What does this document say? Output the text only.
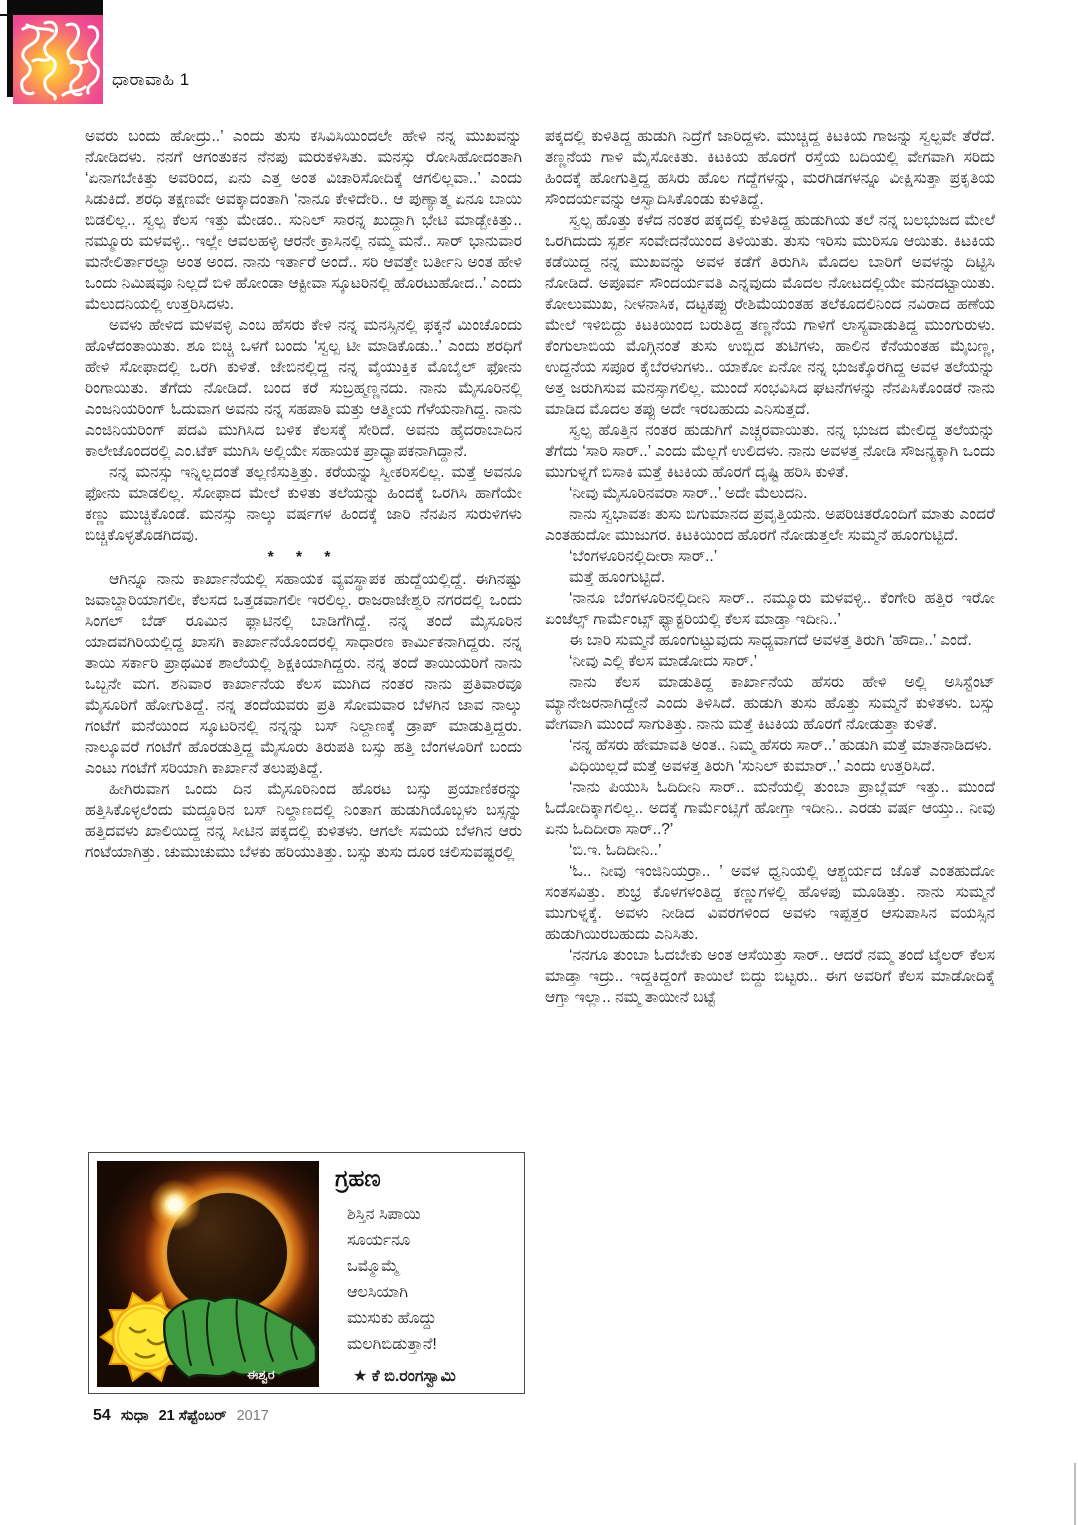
ಧಾರಾವಾಹಿ 1

ಅವರು ಬಂದು ಹೋದ್ರು..’ ಎಂದು ತುಸು ಕಸಿವಿಸಿಯಿಂದಲೇ ಹೇಳಿ ನನ್ನ ಮುಖವನ್ನು ನೋಡಿದಳು. ನನಗೆ ಆಗಂತುಕನ ನೆನಪು ಮರುಕಳಿಸಿತು. ಮನಸ್ಸು ರೋಸಿಹೋದಂತಾಗಿ ‘ಏನಾಗಬೇಕಿತ್ತು ಅವರಿಂದ, ಏನು ಎತ್ತ ಅಂತ ವಿಚಾರಿಸೋದಿಕ್ಕೆ ಆಗಲಿಲ್ಲವಾ..’ ಎಂದು ಸಿಡುಕಿದೆ. ಶರಧಿ ತಕ್ಷಣವೇ ಅವಕ್ಕಾದಂತಾಗಿ ‘ನಾನೂ ಕೇಳಿದೇರಿ.. ಆ ಪುಣ್ಯಾತ್ಮ ಏನೂ ಬಾಯಿ ಬಿಡಲಿಲ್ಲ.. ಸ್ವಲ್ಪ ಕೆಲಸ ಇತ್ತು ಮೇಡಂ.. ಸುನಿಲ್ ಸಾರನ್ನ ಖುದ್ದಾಗಿ ಭೇಟಿ ಮಾಡ್ಬೇಕಿತ್ತು.. ನಮ್ಮೂರು ಮಳವಳ್ಳಿ.. ಇಲ್ಲೇ ಆವಲಹಳ್ಳಿ ಆರನೇ ಕ್ರಾಸಿನಲ್ಲಿ ನಮ್ಮ ಮನೆ.. ಸಾರ್ ಭಾನುವಾರ ಮನೇಲಿರ್ತಾರಲ್ವಾ ಅಂತ ಅಂದ. ನಾನು ಇರ್ತಾರೆ ಅಂದೆ.. ಸರಿ ಆವತ್ತೇ ಬರ್ತೀನಿ ಅಂತ ಹೇಳಿ ಒಂದು ನಿಮಿಷವೂ ನಿಲ್ಲದೆ ಬಿಳಿ ಹೋಂಡಾ ಆಕ್ಟೀವಾ ಸ್ಕೂಟರಿನಲ್ಲಿ ಹೊರಟುಹೋದ..’ ಎಂದು ಮೆಲುದನಿಯಲ್ಲಿ ಉತ್ತರಿಸಿದಳು.

ಅವಳು ಹೇಳಿದ ಮಳವಳ್ಳಿ ಎಂಬ ಹೆಸರು ಕೇಳಿ ನನ್ನ ಮನಸ್ಸಿನಲ್ಲಿ ಫಕ್ಕನೆ ಮಿಂಚೊಂದು ಹೊಳೆದಂತಾಯಿತು. ಶೂ ಬಿಚ್ಚಿ ಒಳಗೆ ಬಂದು ‘ಸ್ವಲ್ಪ ಟೀ ಮಾಡಿಕೊಡು..’ ಎಂದು ಶರಧಿಗೆ ಹೇಳಿ ಸೋಫಾದಲ್ಲಿ ಒರಗಿ ಕುಳಿತೆ. ಜೇಬಿನಲ್ಲಿದ್ದ ನನ್ನ ವೈಯುಕ್ತಿಕ ಮೊಬೈಲ್ ಫೋನು ರಿಂಗಾಯಿತು. ತೆಗೆದು ನೋಡಿದೆ. ಬಂದ ಕರೆ ಸುಬ್ರಹ್ಮಣ್ಣನದು. ನಾನು ಮೈಸೂರಿನಲ್ಲಿ ಎಂಜನಿಯರಿಂಗ್ ಓದುವಾಗ ಅವನು ನನ್ನ ಸಹಪಾಠಿ ಮತ್ತು ಆತ್ಮೀಯ ಗೆಳೆಯನಾಗಿದ್ದ. ನಾನು ಎಂಜಿನಿಯರಿಂಗ್ ಪದವಿ ಮುಗಿಸಿದ ಬಳಿಕ ಕೆಲಸಕ್ಕೆ ಸೇರಿದೆ. ಅವನು ಹೈದರಾಬಾದಿನ ಕಾಲೇಜೊಂದರಲ್ಲಿ ಎಂ.ಟೆಕ್ ಮುಗಿಸಿ ಅಲ್ಲಿಯೇ ಸಹಾಯಕ ಪ್ರಾಧ್ಯಾಪಕನಾಗಿದ್ದಾನೆ.

ನನ್ನ ಮನಸ್ಸು ಇನ್ನಿಲ್ಲದಂತೆ ತಲ್ಲಣಿಸುತ್ತಿತ್ತು. ಕರೆಯನ್ನು ಸ್ವೀಕರಿಸಲಿಲ್ಲ. ಮತ್ತೆ ಅವನೂ ಫೋನು ಮಾಡಲಿಲ್ಲ. ಸೋಫಾದ ಮೇಲೆ ಕುಳಿತು ತಲೆಯನ್ನು ಹಿಂದಕ್ಕೆ ಒರಗಿಸಿ ಹಾಗೆಯೇ ಕಣ್ಣು ಮುಚ್ಚಿಕೊಂಡೆ. ಮನಸ್ಸು ನಾಲ್ಕು ವರ್ಷಗಳ ಹಿಂದಕ್ಕೆ ಜಾರಿ ನೆನಪಿನ ಸುರುಳಿಗಳು ಬಿಚ್ಚಿಕೊಳ್ಳತೊಡಗಿದವು.

* * *

ಆಗಿನ್ನೂ ನಾನು ಕಾರ್ಖಾನೆಯಲ್ಲಿ ಸಹಾಯಕ ವ್ಯವಸ್ಥಾಪಕ ಹುದ್ದೆಯಲ್ಲಿದ್ದೆ. ಈಗಿನಷ್ಟು ಜವಾಬ್ದಾರಿಯಾಗಲೀ, ಕೆಲಸದ ಒತ್ತಡವಾಗಲೀ ಇರಲಿಲ್ಲ. ರಾಜರಾಜೇಶ್ವರಿ ನಗರದಲ್ಲಿ ಒಂದು ಸಿಂಗಲ್ ಬೆಡ್ ರೂಮಿನ ಫ್ಲಾಟಿನಲ್ಲಿ ಬಾಡಿಗೆಗಿದ್ದೆ. ನನ್ನ ತಂದೆ ಮೈಸೂರಿನ ಯಾದವಗಿರಿಯಲ್ಲಿದ್ದ ಖಾಸಗಿ ಕಾರ್ಖಾನೆಯೊಂದರಲ್ಲಿ ಸಾಧಾರಣ ಕಾರ್ಮಿಕನಾಗಿದ್ದರು. ನನ್ನ ತಾಯಿ ಸರ್ಕಾರಿ ಪ್ರಾಥಮಿಕ ಶಾಲೆಯಲ್ಲಿ ಶಿಕ್ಷಕಿಯಾಗಿದ್ದರು. ನನ್ನ ತಂದೆ ತಾಯಿಯರಿಗೆ ನಾನು ಒಬ್ಬನೇ ಮಗ. ಶನಿವಾರ ಕಾರ್ಖಾನೆಯ ಕೆಲಸ ಮುಗಿದ ನಂತರ ನಾನು ಪ್ರತಿವಾರವೂ ಮೈಸೂರಿಗೆ ಹೋಗುತಿದ್ದೆ. ನನ್ನ ತಂದೆಯವರು ಪ್ರತಿ ಸೋಮವಾರ ಬೆಳಗಿನ ಜಾವ ನಾಲ್ಕು ಗಂಟೆಗೆ ಮನೆಯಿಂದ ಸ್ಕೂಟರಿನಲ್ಲಿ ನನ್ನನ್ನು ಬಸ್ ನಿಲ್ದಾಣಕ್ಕೆ ಡ್ರಾಪ್ ಮಾಡುತ್ತಿದ್ದರು. ನಾಲ್ಕೂವರೆ ಗಂಟೆಗೆ ಹೊರಡುತ್ತಿದ್ದ ಮೈಸೂರು ತಿರುಪತಿ ಬಸ್ಸು ಹತ್ತಿ ಬೆಂಗಳೂರಿಗೆ ಬಂದು ಎಂಟು ಗಂಟೆಗೆ ಸರಿಯಾಗಿ ಕಾರ್ಖಾನೆ ತಲುಪುತಿದ್ದೆ.

ಹೀಗಿರುವಾಗ ಒಂದು ದಿನ ಮೈಸೂರಿನಿಂದ ಹೊರಟ ಬಸ್ಸು ಪ್ರಯಾಣಿಕರನ್ನು ಹತ್ತಿಸಿಕೊಳ್ಳಲೆಂದು ಮದ್ದೂರಿನ ಬಸ್ ನಿಲ್ದಾಣದಲ್ಲಿ ನಿಂತಾಗ ಹುಡುಗಿಯೊಬ್ಬಳು ಬಸ್ಸನ್ನು ಹತ್ತಿದವಳು ಖಾಲಿಯಿದ್ದ ನನ್ನ ಸೀಟಿನ ಪಕ್ಕದಲ್ಲಿ ಕುಳಿತಳು. ಆಗಲೇ ಸಮಯ ಬೆಳಗಿನ ಆರು ಗಂಟೆಯಾಗಿತ್ತು. ಚುಮುಚುಮು ಬೆಳಕು ಹರಿಯುತಿತ್ತು. ಬಸ್ಸು ತುಸು ದೂರ ಚಲಿಸುವಷ್ಟರಲ್ಲಿ

ಪಕ್ಕದಲ್ಲಿ ಕುಳಿತಿದ್ದ ಹುಡುಗಿ ನಿದ್ರೆಗೆ ಜಾರಿದ್ದಳು. ಮುಚ್ಚಿದ್ದ ಕಿಟಕಿಯ ಗಾಜನ್ನು ಸ್ವಲ್ಪವೇ ತೆರೆದೆ. ತಣ್ಣನೆಯ ಗಾಳಿ ಮೈಸೋಕಿತು. ಕಿಟಕಿಯ ಹೊರಗೆ ರಸ್ತೆಯ ಬದಿಯಲ್ಲಿ ವೇಗವಾಗಿ ಸರಿದು ಹಿಂದಕ್ಕೆ ಹೋಗುತ್ತಿದ್ದ ಹಸಿರು ಹೊಲ ಗದ್ದೆಗಳನ್ನು, ಮರಗಿಡಗಳನ್ನೂ ವೀಕ್ಷಿಸುತ್ತಾ ಪ್ರಕೃತಿಯ ಸೌಂದರ್ಯವನ್ನು ಆಸ್ವಾದಿಸಿಕೊಂಡು ಕುಳಿತಿದ್ದೆ.

ಸ್ವಲ್ಪ ಹೊತ್ತು ಕಳೆದ ನಂತರ ಪಕ್ಕದಲ್ಲಿ ಕುಳಿತಿದ್ದ ಹುಡುಗಿಯ ತಲೆ ನನ್ನ ಬಲಭುಜದ ಮೇಲೆ ಒರಗಿದುದು ಸ್ಪರ್ಶ ಸಂವೇದನೆಯಿಂದ ತಿಳಿಯಿತು. ತುಸು ಇರಿಸು ಮುರಿಸೂ ಆಯಿತು. ಕಿಟಕಿಯ ಕಡೆಯಿದ್ದ ನನ್ನ ಮುಖವನ್ನು ಅವಳ ಕಡೆಗೆ ತಿರುಗಿಸಿ ಮೊದಲ ಬಾರಿಗೆ ಅವಳನ್ನು ದಿಟ್ಟಿಸಿ ನೋಡಿದೆ. ಅಪೂರ್ವ ಸೌಂದರ್ಯವತಿ ಎನ್ನವುದು ಮೊದಲ ನೋಟದಲ್ಲಿಯೇ ಮನದಟ್ಟಾಯಿತು. ಕೋಲುಮುಖ, ನೀಳನಾಸಿಕ, ದಟ್ಟಕಪ್ಪು ರೇಶಿಮೆಯಂತಹ ತಲೆಕೂದಲಿನಿಂದ ನವಿರಾದ ಹಣೆಯ ಮೇಲೆ ಇಳಿಬಿದ್ದು ಕಿಟಕಿಯಿಂದ ಬರುತಿದ್ದ ತಣ್ಣನೆಯ ಗಾಳಿಗೆ ಲಾಸ್ಯವಾಡುತಿದ್ದ ಮುಂಗುರುಳು. ಕೆಂಗುಲಾಬಿಯ ಮೊಗ್ಗಿನಂತೆ ತುಸು ಉಬ್ಬಿದ ತುಟಿಗಳು, ಹಾಲಿನ ಕೆನೆಯಂತಹ ಮೈಬಣ್ಣ, ಉದ್ದನೆಯ ಸಪೂರ ಕೈಬೆರಳುಗಳು.. ಯಾಕೋ ಏನೋ ನನ್ನ ಭುಜಕ್ಕೊರಗಿದ್ದ ಅವಳ ತಲೆಯನ್ನು ಅತ್ತ ಜರುಗಿಸುವ ಮನಸ್ಸಾಗಲಿಲ್ಲ. ಮುಂದೆ ಸಂಭವಿಸಿದ ಘಟನೆಗಳನ್ನು ನೆನಪಿಸಿಕೊಂಡರೆ ನಾನು ಮಾಡಿದ ಮೊದಲ ತಪ್ಪು ಅದೇ ಇರಬಹುದು ಎನಿಸುತ್ತದೆ.

ಸ್ವಲ್ಪ ಹೊತ್ತಿನ ನಂತರ ಹುಡುಗಿಗೆ ಎಚ್ಚರವಾಯಿತು. ನನ್ನ ಭುಜದ ಮೇಲಿದ್ದ ತಲೆಯನ್ನು ತೆಗೆದು ‘ಸಾರಿ ಸಾರ್..’ ಎಂದು ಮೆಲ್ಲಗೆ ಉಲಿದಳು. ನಾನು ಅವಳತ್ತ ನೋಡಿ ಸೌಜನ್ಯಕ್ಕಾಗಿ ಒಂದು ಮುಗುಳ್ನಗೆ ಬಿಸಾಕಿ ಮತ್ತೆ ಕಿಟಕಿಯ ಹೊರಗೆ ದೃಷ್ಟಿ ಹರಿಸಿ ಕುಳಿತೆ.

‘ನೀವು ಮೈಸೂರಿನವರಾ ಸಾರ್..’ ಅದೇ ಮೆಲುದನಿ.

ನಾನು ಸ್ವಭಾವತಃ ತುಸು ಬಿಗುಮಾನದ ಪ್ರವೃತ್ತಿಯನು. ಅಪರಿಚಿತರೊಂದಿಗೆ ಮಾತು ಎಂದರೆ ಎಂತಹುದೋ ಮುಜುಗರ. ಕಿಟಕಿಯಿಂದ ಹೊರಗೆ ನೋಡುತ್ತಲೇ ಸುಮ್ಮನೆ ಹೂಂಗುಟ್ಟಿದೆ.

‘ಬೆಂಗಳೂರಿನಲ್ಲಿದೀರಾ ಸಾರ್..’

ಮತ್ತೆ ಹೂಂಗುಟ್ಟಿದೆ.

‘ನಾನೂ ಬೆಂಗಳೂರಿನಲ್ಲಿದೀನಿ ಸಾರ್.. ನಮ್ಮೂರು ಮಳವಳ್ಳಿ.. ಕೆಂಗೇರಿ ಹತ್ತಿರ ಇರೋ ಏಂಜೆಲ್ಸ್ ಗಾರ್ಮೆಂಟ್ಸ್ ಫ್ಯಾಕ್ಟರಿಯಲ್ಲಿ ಕೆಲಸ ಮಾಡ್ತಾ ಇದೀನಿ..’

ಈ ಬಾರಿ ಸುಮ್ಮನೆ ಹೂಂಗುಟ್ಟುವುದು ಸಾಧ್ಯವಾಗದೆ ಅವಳತ್ತ ತಿರುಗಿ ‘ಹೌದಾ..’ ಎಂದೆ.

‘ನೀವು ಎಲ್ಲಿ ಕೆಲಸ ಮಾಡೋದು ಸಾರ್.’

ನಾನು ಕೆಲಸ ಮಾಡುತಿದ್ದ ಕಾರ್ಖಾನೆಯ ಹೆಸರು ಹೇಳಿ ಅಲ್ಲಿ ಅಸಿಸ್ಟೆಂಟ್ ಮ್ಯಾನೇಜರನಾಗಿದ್ದೇನೆ ಎಂದು ತಿಳಿಸಿದೆ. ಹುಡುಗಿ ತುಸು ಹೊತ್ತು ಸುಮ್ಮನೆ ಕುಳಿತಳು. ಬಸ್ಸು ವೇಗವಾಗಿ ಮುಂದೆ ಸಾಗುತಿತ್ತು. ನಾನು ಮತ್ತೆ ಕಿಟಕಿಯ ಹೊರಗೆ ನೋಡುತ್ತಾ ಕುಳಿತೆ.

‘ನನ್ನ ಹೆಸರು ಹೇಮಾವತಿ ಅಂತ.. ನಿಮ್ಮ ಹೆಸರು ಸಾರ್..’ ಹುಡುಗಿ ಮತ್ತೆ ಮಾತನಾಡಿದಳು.

ವಿಧಿಯಿಲ್ಲದೆ ಮತ್ತೆ ಅವಳತ್ತ ತಿರುಗಿ ‘ಸುನಿಲ್ ಕುಮಾರ್..’ ಎಂದು ಉತ್ತರಿಸಿದೆ.

‘ನಾನು ಪಿಯುಸಿ ಓದಿದೀನಿ ಸಾರ್.. ಮನೆಯಲ್ಲಿ ತುಂಬಾ ಪ್ರಾಬ್ಲೆಮ್ ಇತ್ತು.. ಮುಂದೆ ಓದೋದಿಕ್ಕಾಗಲಿಲ್ಲ.. ಅದಕ್ಕೆ ಗಾರ್ಮೆಂಟ್ಸಿಗೆ ಹೋಗ್ತಾ ಇದೀನಿ.. ಎರಡು ವರ್ಷ ಆಯ್ತು.. ನೀವು ಏನು ಓದಿದೀರಾ ಸಾರ್..?’

‘ಬಿ.ಇ. ಓದಿದೀನಿ..’

‘ಓ.. ನೀವು ಇಂಜಿನಿಯರ್ರಾ.. ’ ಅವಳ ಧ್ವನಿಯಲ್ಲಿ ಆಶ್ಚರ್ಯದ ಜೊತೆ ಎಂತಹುದೋ ಸಂತಸವಿತ್ತು. ಶುಭ್ರ ಕೊಳಗಳಂತಿದ್ದ ಕಣ್ಣುಗಳಲ್ಲಿ ಹೊಳಪು ಮೂಡಿತ್ತು. ನಾನು ಸುಮ್ಮನೆ ಮುಗುಳ್ನಕ್ಕೆ. ಅವಳು ನೀಡಿದ ವಿವರಗಳಿಂದ ಅವಳು ಇಪ್ಪತ್ತರ ಆಸುಪಾಸಿನ ವಯಸ್ಸಿನ ಹುಡುಗಿಯಿರಬಹುದು ಎನಿಸಿತು.

‘ನನಗೂ ತುಂಬಾ ಓದಬೇಕು ಅಂತ ಆಸೆಯಿತ್ತು ಸಾರ್.. ಆದರೆ ನಮ್ಮ ತಂದೆ ಟೈಲರ್ ಕೆಲಸ ಮಾಡ್ತಾ ಇದ್ರು.. ಇದ್ದಕಿದ್ದಂಗೆ ಕಾಯಿಲೆ ಬಿದ್ದು ಬಿಟ್ಟರು.. ಈಗ ಅವರಿಗೆ ಕೆಲಸ ಮಾಡೋದಿಕ್ಕೆ ಆಗ್ತಾ ಇಲ್ಲಾ.. ನಮ್ಮ ತಾಯೀನೆ ಬಟ್ಟೆ

ಈಶ್ವರ
ಗ್ರಹಣ
ಶಿಸ್ತಿನ ಸಿಪಾಯಿ
ಸೂರ್ಯನೂ
ಒಮ್ಮೊಮ್ಮೆ
ಆಲಸಿಯಾಗಿ
ಮುಸುಕು ಹೊದ್ದು
ಮಲಗಿಬಿಡುತ್ತಾನೆ!
★ ಕೆ ಬಿ.ರಂಗಸ್ವಾಮಿ
54 ಸುಧಾ 21 ಸೆಪ್ಟೆಂಬರ್ 2017
